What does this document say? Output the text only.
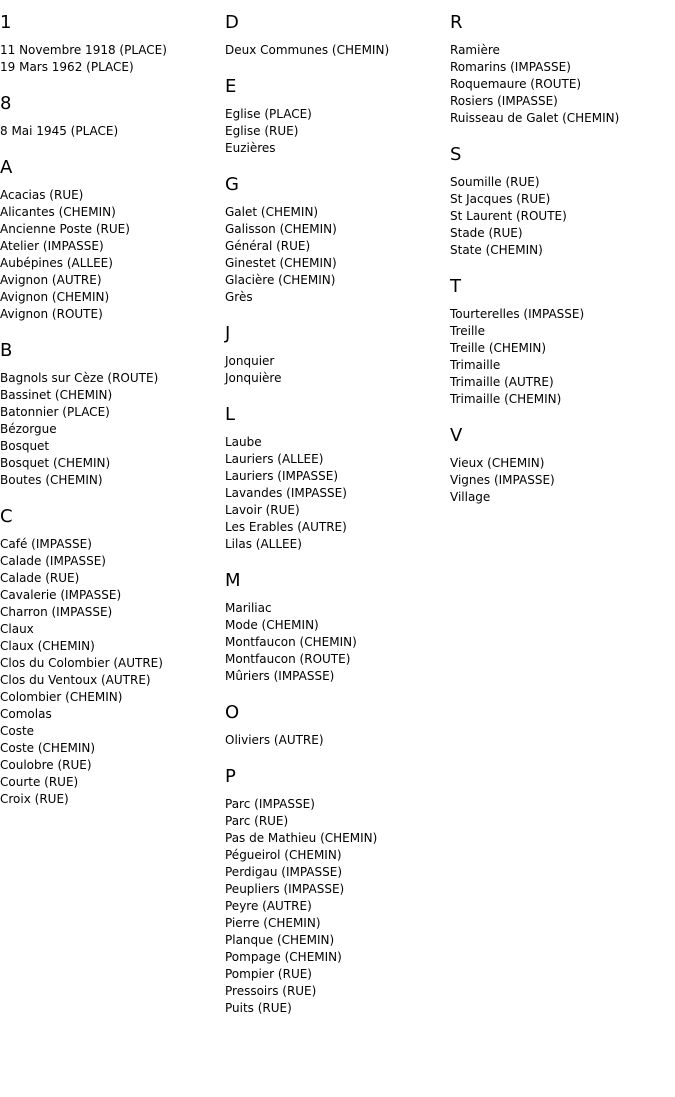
1
11 Novembre 1918 (PLACE)
19 Mars 1962 (PLACE)
8
8 Mai 1945 (PLACE)
A
Acacias (RUE)
Alicantes (CHEMIN)
Ancienne Poste (RUE)
Atelier (IMPASSE)
Aubépines (ALLEE)
Avignon (AUTRE)
Avignon (CHEMIN)
Avignon (ROUTE)
B
Bagnols sur Cèze (ROUTE)
Bassinet (CHEMIN)
Batonnier (PLACE)
Bézorgue
Bosquet
Bosquet (CHEMIN)
Boutes (CHEMIN)
C
Café (IMPASSE)
Calade (IMPASSE)
Calade (RUE)
Cavalerie (IMPASSE)
Charron (IMPASSE)
Claux
Claux (CHEMIN)
Clos du Colombier (AUTRE)
Clos du Ventoux (AUTRE)
Colombier (CHEMIN)
Comolas
Coste
Coste (CHEMIN)
Coulobre (RUE)
Courte (RUE)
Croix (RUE)
D
Deux Communes (CHEMIN)
E
Eglise (PLACE)
Eglise (RUE)
Euzières
G
Galet (CHEMIN)
Galisson (CHEMIN)
Général (RUE)
Ginestet (CHEMIN)
Glacière (CHEMIN)
Grès
J
Jonquier
Jonquière
L
Laube
Lauriers (ALLEE)
Lauriers (IMPASSE)
Lavandes (IMPASSE)
Lavoir (RUE)
Les Erables (AUTRE)
Lilas (ALLEE)
M
Mariliac
Mode (CHEMIN)
Montfaucon (CHEMIN)
Montfaucon (ROUTE)
Mûriers (IMPASSE)
O
Oliviers (AUTRE)
P
Parc (IMPASSE)
Parc (RUE)
Pas de Mathieu (CHEMIN)
Pégueirol (CHEMIN)
Perdigau (IMPASSE)
Peupliers (IMPASSE)
Peyre (AUTRE)
Pierre (CHEMIN)
Planque (CHEMIN)
Pompage (CHEMIN)
Pompier (RUE)
Pressoirs (RUE)
Puits (RUE)
R
Ramière
Romarins (IMPASSE)
Roquemaure (ROUTE)
Rosiers (IMPASSE)
Ruisseau de Galet (CHEMIN)
S
Soumille (RUE)
St Jacques (RUE)
St Laurent (ROUTE)
Stade (RUE)
State (CHEMIN)
T
Tourterelles (IMPASSE)
Treille
Treille (CHEMIN)
Trimaille
Trimaille (AUTRE)
Trimaille (CHEMIN)
V
Vieux (CHEMIN)
Vignes (IMPASSE)
Village
